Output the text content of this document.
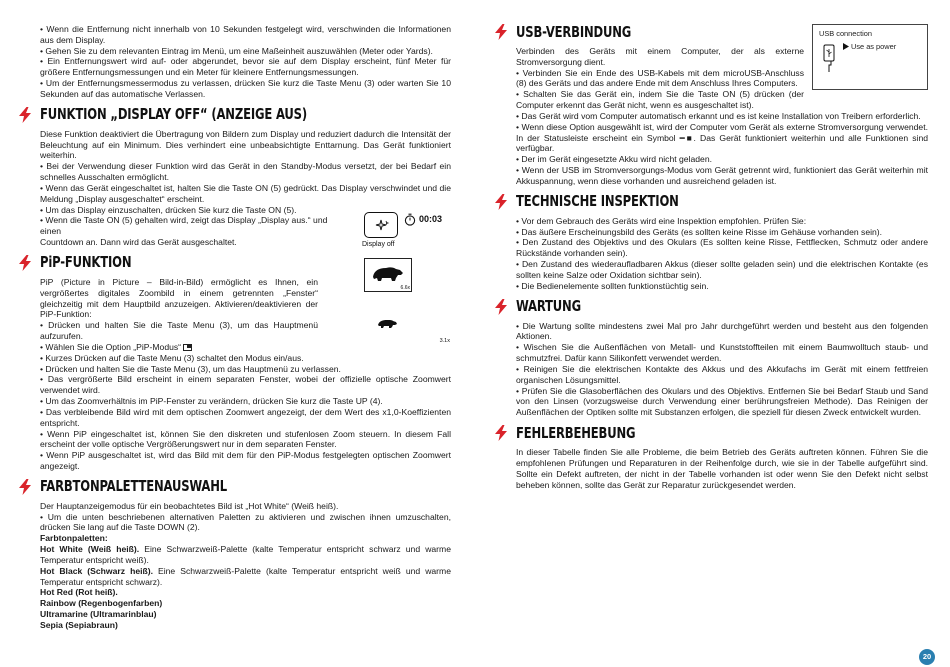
• Wenn die Entfernung nicht innerhalb von 10 Sekunden festgelegt wird, verschwinden die Informationen aus dem Display.

• Gehen Sie zu dem relevanten Eintrag im Menü, um eine Maßeinheit auszuwählen (Meter oder Yards).

• Ein Entfernungswert wird auf- oder abgerundet, bevor sie auf dem Display erscheint, fünf Meter für größere Entfernungsmessungen und ein Meter für kleinere Entfernungsmessungen.

• Um der Entfernungsmessermodus zu verlassen, drücken Sie kurz die Taste Menu (3) oder warten Sie 10 Sekunden auf das automatische Verlassen.

FUNKTION „DISPLAY OFF“ (ANZEIGE AUS)

Diese Funktion deaktiviert die Übertragung von Bildern zum Display und reduziert dadurch die Intensität der Beleuchtung auf ein Minimum. Dies verhindert eine unbeabsichtigte Enttarnung. Das Gerät funktioniert weiterhin.

• Bei der Verwendung dieser Funktion wird das Gerät in den Standby-Modus versetzt, der bei Bedarf ein schnelles Ausschalten ermöglicht.

• Wenn das Gerät eingeschaltet ist, halten Sie die Taste ON (5) gedrückt. Das Display verschwindet und die Meldung „Display ausgeschaltet“ erscheint.

• Um das Display einzuschalten, drücken Sie kurz die Taste ON (5).

• Wenn die Taste ON (5) gehalten wird, zeigt das Display „Display aus.“ und einen

Countdown an. Dann wird das Gerät ausgeschaltet.

PiP-FUNKTION

PiP (Picture in Picture – Bild-in-Bild) ermöglicht es Ihnen, ein vergrößertes digitales Zoombild in einem getrennten „Fenster“ gleichzeitig mit dem Hauptbild anzuzeigen. Aktivieren/deaktivieren der PiP-Funktion:

• Drücken und halten Sie die Taste Menu (3), um das Hauptmenü aufzurufen.

• Wählen Sie die Option „PiP-Modus“

• Kurzes Drücken auf die Taste Menu (3) schaltet den Modus ein/aus.

• Drücken und halten Sie die Taste Menu (3), um das Hauptmenü zu verlassen.

• Das vergrößerte Bild erscheint in einem separaten Fenster, wobei der offizielle optische Zoomwert verwendet wird.

• Um das Zoomverhältnis im PiP-Fenster zu verändern, drücken Sie kurz die Taste UP (4).

• Das verbleibende Bild wird mit dem optischen Zoomwert angezeigt, der dem Wert des x1,0-Koeffizienten entspricht.

• Wenn PiP eingeschaltet ist, können Sie den diskreten und stufenlosen Zoom steuern. In diesem Fall erscheint der volle optische Vergrößerungswert nur in dem separaten Fenster.

• Wenn PiP ausgeschaltet ist, wird das Bild mit dem für den PiP-Modus festgelegten optischen Zoomwert angezeigt.

FARBTONPALETTENAUSWAHL

Der Hauptanzeigemodus für ein beobachtetes Bild ist „Hot White“ (Weiß heiß).

• Um die unten beschriebenen alternativen Paletten zu aktivieren und zwischen ihnen umzuschalten, drücken Sie lang auf die Taste DOWN (2).

Farbtonpaletten:

Hot White (Weiß heiß). Eine Schwarzweiß-Palette (kalte Temperatur entspricht schwarz und warme Temperatur entspricht weiß).

Hot Black (Schwarz heiß). Eine Schwarzweiß-Palette (kalte Temperatur entspricht weiß und warme Temperatur entspricht schwarz).

Hot Red (Rot heiß).

Rainbow (Regenbogenfarben)

Ultramarine (Ultramarinblau)

Sepia (Sepiabraun)

00:03
Display off
6.6x
3.1x
USB-VERBINDUNG

Verbinden des Geräts mit einem Computer, der als externe Stromversorgung dient.

• Verbinden Sie ein Ende des USB-Kabels mit dem microUSB-Anschluss (8) des Geräts und das andere Ende mit dem Anschluss Ihres Computers.

• Schalten Sie das Gerät ein, indem Sie die Taste ON (5) drücken (der Computer erkennt das Gerät nicht, wenn es ausgeschaltet ist).

• Das Gerät wird vom Computer automatisch erkannt und es ist keine Installation von Treibern erforderlich.

• Wenn diese Option ausgewählt ist, wird der Computer vom Gerät als externe Stromversorgung verwendet. In der Statusleiste erscheint ein Symbol ━■. Das Gerät funktioniert weiterhin und alle Funktionen sind verfügbar.

• Der im Gerät eingesetzte Akku wird nicht geladen.

• Wenn der USB im Stromversorgungs-Modus vom Gerät getrennt wird, funktioniert das Gerät weiterhin mit Akkuspannung, wenn diese vorhanden und ausreichend geladen ist.

TECHNISCHE INSPEKTION

• Vor dem Gebrauch des Geräts wird eine Inspektion empfohlen. Prüfen Sie:

• Das äußere Erscheinungsbild des Geräts (es sollten keine Risse im Gehäuse vorhanden sein).

• Den Zustand des Objektivs und des Okulars (Es sollten keine Risse, Fettflecken, Schmutz oder andere Rückstände vorhanden sein).

• Den Zustand des wiederaufladbaren Akkus (dieser sollte geladen sein) und die elektrischen Kontakte (es sollten keine Salze oder Oxidation sichtbar sein).

• Die Bedienelemente sollten funktionstüchtig sein.

WARTUNG

• Die Wartung sollte mindestens zwei Mal pro Jahr durchgeführt werden und besteht aus den folgenden Aktionen.

• Wischen Sie die Außenflächen von Metall- und Kunststoffteilen mit einem Baumwolltuch staub- und schmutzfrei. Dafür kann Silikonfett verwendet werden.

• Reinigen Sie die elektrischen Kontakte des Akkus und des Akkufachs im Gerät mit einem fettfreien organischen Lösungsmittel.

• Prüfen Sie die Glasoberflächen des Okulars und des Objektivs. Entfernen Sie bei Bedarf Staub und Sand von den Linsen (vorzugsweise durch Verwendung einer berührungsfreien Methode). Das Reinigen der Außenflächen der Optiken sollte mit Substanzen erfolgen, die speziell für diesen Zweck entwickelt wurden.

FEHLERBEHEBUNG

In dieser Tabelle finden Sie alle Probleme, die beim Betrieb des Geräts auftreten können. Führen Sie die empfohlenen Prüfungen und Reparaturen in der Reihenfolge durch, wie sie in der Tabelle aufgeführt sind. Sollte ein Defekt auftreten, der nicht in der Tabelle vorhanden ist oder wenn Sie den Defekt nicht selbst beheben können, sollte das Gerät zur Reparatur zurückgesendet werden.

USB connection
Use as power
20
